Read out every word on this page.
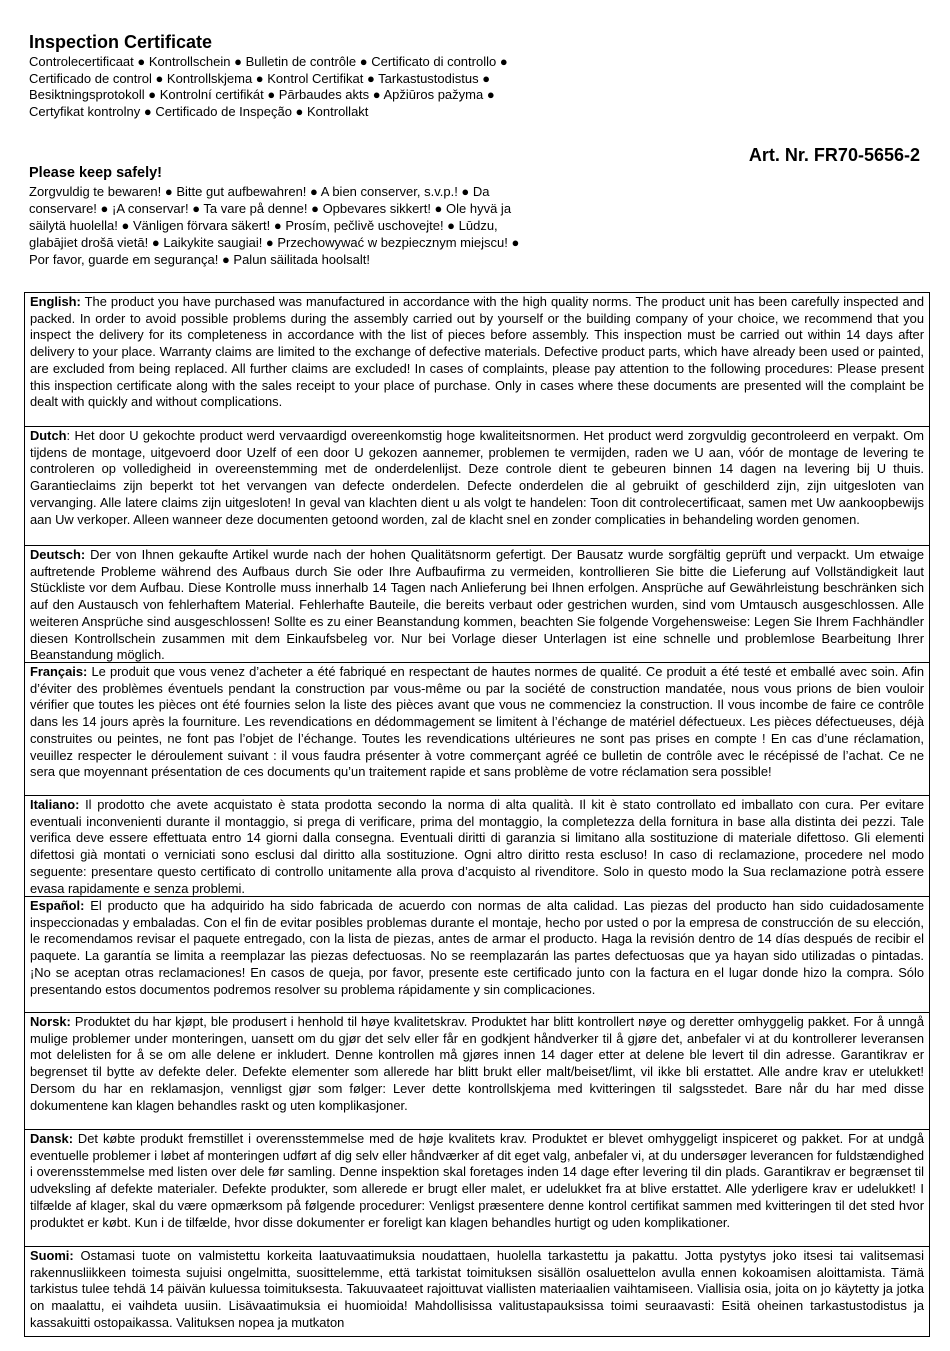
Inspection Certificate

Controlecertificaat ● Kontrollschein ● Bulletin de contrôle ● Certificato di controllo ● Certificado de control ● Kontrollskjema ● Kontrol Certifikat ● Tarkastustodistus ● Besiktningsprotokoll ● Kontrolní certifikát ● Pārbaudes akts ● Apžiūros pažyma ● Certyfikat kontrolny ● Certificado de Inspeção ● Kontrollakt

Art. Nr. FR70-5656-2

Please keep safely!

Zorgvuldig te bewaren! ● Bitte gut aufbewahren! ● A bien conserver, s.v.p.! ● Da conservare! ● ¡A conservar! ● Ta vare på denne! ● Opbevares sikkert! ● Ole hyvä ja säilytä huolella! ● Vänligen förvara säkert! ● Prosím, pečlivě uschovejte! ● Lūdzu, glabājiet drošā vietā! ● Laikykite saugiai! ● Przechowywać w bezpiecznym miejscu! ● Por favor, guarde em segurança! ● Palun säilitada hoolsalt!

English: The product you have purchased was manufactured in accordance with the high quality norms. The product unit has been carefully inspected and packed. In order to avoid possible problems during the assembly carried out by yourself or the building company of your choice, we recommend that you inspect the delivery for its completeness in accordance with the list of pieces before assembly. This inspection must be carried out within 14 days after delivery to your place. Warranty claims are limited to the exchange of defective materials. Defective product parts, which have already been used or painted, are excluded from being replaced. All further claims are excluded! In cases of complaints, please pay attention to the following procedures: Please present this inspection certificate along with the sales receipt to your place of purchase. Only in cases where these documents are presented will the complaint be dealt with quickly and without complications.
Dutch: Het door U gekochte product werd vervaardigd overeenkomstig hoge kwaliteitsnormen. Het product werd zorgvuldig gecontroleerd en verpakt. Om tijdens de montage, uitgevoerd door Uzelf of een door U gekozen aannemer, problemen te vermijden, raden we U aan, vóór de montage de levering te controleren op volledigheid in overeenstemming met de onderdelenlijst. Deze controle dient te gebeuren binnen 14 dagen na levering bij U thuis. Garantieclaims zijn beperkt tot het vervangen van defecte onderdelen. Defecte onderdelen die al gebruikt of geschilderd zijn, zijn uitgesloten van vervanging. Alle latere claims zijn uitgesloten! In geval van klachten dient u als volgt te handelen: Toon dit controlecertificaat, samen met Uw aankoopbewijs aan Uw verkoper. Alleen wanneer deze documenten getoond worden, zal de klacht snel en zonder complicaties in behandeling worden genomen.
Deutsch: Der von Ihnen gekaufte Artikel wurde nach der hohen Qualitätsnorm gefertigt. Der Bausatz wurde sorgfältig geprüft und verpackt. Um etwaige auftretende Probleme während des Aufbaus durch Sie oder Ihre Aufbaufirma zu vermeiden, kontrollieren Sie bitte die Lieferung auf Vollständigkeit laut Stückliste vor dem Aufbau. Diese Kontrolle muss innerhalb 14 Tagen nach Anlieferung bei Ihnen erfolgen. Ansprüche auf Gewährleistung beschränken sich auf den Austausch von fehlerhaftem Material. Fehlerhafte Bauteile, die bereits verbaut oder gestrichen wurden, sind vom Umtausch ausgeschlossen. Alle weiteren Ansprüche sind ausgeschlossen! Sollte es zu einer Beanstandung kommen, beachten Sie folgende Vorgehensweise: Legen Sie Ihrem Fachhändler diesen Kontrollschein zusammen mit dem Einkaufsbeleg vor. Nur bei Vorlage dieser Unterlagen ist eine schnelle und problemlose Bearbeitung Ihrer Beanstandung möglich.
Français: Le produit que vous venez d’acheter a été fabriqué en respectant de hautes normes de qualité. Ce produit a été testé et emballé avec soin. Afin d’éviter des problèmes éventuels pendant la construction par vous-même ou par la société de construction mandatée, nous vous prions de bien vouloir vérifier que toutes les pièces ont été fournies selon la liste des pièces avant que vous ne commenciez la construction. Il vous incombe de faire ce contrôle dans les 14 jours après la fourniture. Les revendications en dédommagement se limitent à l’échange de matériel défectueux. Les pièces défectueuses, déjà construites ou peintes, ne font pas l’objet de l’échange. Toutes les revendications ultérieures ne sont pas prises en compte ! En cas d’une réclamation, veuillez respecter le déroulement suivant : il vous faudra présenter à votre commerçant agréé ce bulletin de contrôle avec le récépissé de l’achat. Ce ne sera que moyennant présentation de ces documents qu’un traitement rapide et sans problème de votre réclamation sera possible!
Italiano: Il prodotto che avete acquistato è stata prodotta secondo la norma di alta qualità. Il kit è stato controllato ed imballato con cura. Per evitare eventuali inconvenienti durante il montaggio, si prega di verificare, prima del montaggio, la completezza della fornitura in base alla distinta dei pezzi. Tale verifica deve essere effettuata entro 14 giorni dalla consegna. Eventuali diritti di garanzia si limitano alla sostituzione di materiale difettoso. Gli elementi difettosi già montati o verniciati sono esclusi dal diritto alla sostituzione. Ogni altro diritto resta escluso! In caso di reclamazione, procedere nel modo seguente: presentare questo certificato di controllo unitamente alla prova d’acquisto al rivenditore. Solo in questo modo la Sua reclamazione potrà essere evasa rapidamente e senza problemi.
Español: El producto que ha adquirido ha sido fabricada de acuerdo con normas de alta calidad. Las piezas del producto han sido cuidadosamente inspeccionadas y embaladas. Con el fin de evitar posibles problemas durante el montaje, hecho por usted o por la empresa de construcción de su elección, le recomendamos revisar el paquete entregado, con la lista de piezas, antes de armar el producto. Haga la revisión dentro de 14 días después de recibir el paquete. La garantía se limita a reemplazar las piezas defectuosas. No se reemplazarán las partes defectuosas que ya hayan sido utilizadas o pintadas. ¡No se aceptan otras reclamaciones! En casos de queja, por favor, presente este certificado junto con la factura en el lugar donde hizo la compra. Sólo presentando estos documentos podremos resolver su problema rápidamente y sin complicaciones.
Norsk: Produktet du har kjøpt, ble produsert i henhold til høye kvalitetskrav. Produktet har blitt kontrollert nøye og deretter omhyggelig pakket. For å unngå mulige problemer under monteringen, uansett om du gjør det selv eller får en godkjent håndverker til å gjøre det, anbefaler vi at du kontrollerer leveransen mot delelisten for å se om alle delene er inkludert. Denne kontrollen må gjøres innen 14 dager etter at delene ble levert til din adresse. Garantikrav er begrenset til bytte av defekte deler. Defekte elementer som allerede har blitt brukt eller malt/beiset/limt, vil ikke bli erstattet. Alle andre krav er utelukket! Dersom du har en reklamasjon, vennligst gjør som følger: Lever dette kontrollskjema med kvitteringen til salgsstedet. Bare når du har med disse dokumentene kan klagen behandles raskt og uten komplikasjoner.
Dansk: Det købte produkt fremstillet i overensstemmelse med de høje kvalitets krav. Produktet er blevet omhyggeligt inspiceret og pakket. For at undgå eventuelle problemer i løbet af monteringen udført af dig selv eller håndværker af dit eget valg, anbefaler vi, at du undersøger leverancen for fuldstændighed i overensstemmelse med listen over dele før samling. Denne inspektion skal foretages inden 14 dage efter levering til din plads. Garantikrav er begrænset til udveksling af defekte materialer. Defekte produkter, som allerede er brugt eller malet, er udelukket fra at blive erstattet. Alle yderligere krav er udelukket! I tilfælde af klager, skal du være opmærksom på følgende procedurer: Venligst præsentere denne kontrol certifikat sammen med kvitteringen til det sted hvor produktet er købt. Kun i de tilfælde, hvor disse dokumenter er foreligt kan klagen behandles hurtigt og uden komplikationer.
Suomi: Ostamasi tuote on valmistettu korkeita laatuvaatimuksia noudattaen, huolella tarkastettu ja pakattu. Jotta pystytys joko itsesi tai valitsemasi rakennusliikkeen toimesta sujuisi ongelmitta, suosittelemme, että tarkistat toimituksen sisällön osaluettelon avulla ennen kokoamisen aloittamista. Tämä tarkistus tulee tehdä 14 päivän kuluessa toimituksesta. Takuuvaateet rajoittuvat viallisten materiaalien vaihtamiseen. Viallisia osia, joita on jo käytetty ja jotka on maalattu, ei vaihdeta uusiin. Lisävaatimuksia ei huomioida! Mahdollisissa valitustapauksissa toimi seuraavasti: Esitä oheinen tarkastustodistus ja kassakuitti ostopaikassa. Valituksen nopea ja mutkaton
